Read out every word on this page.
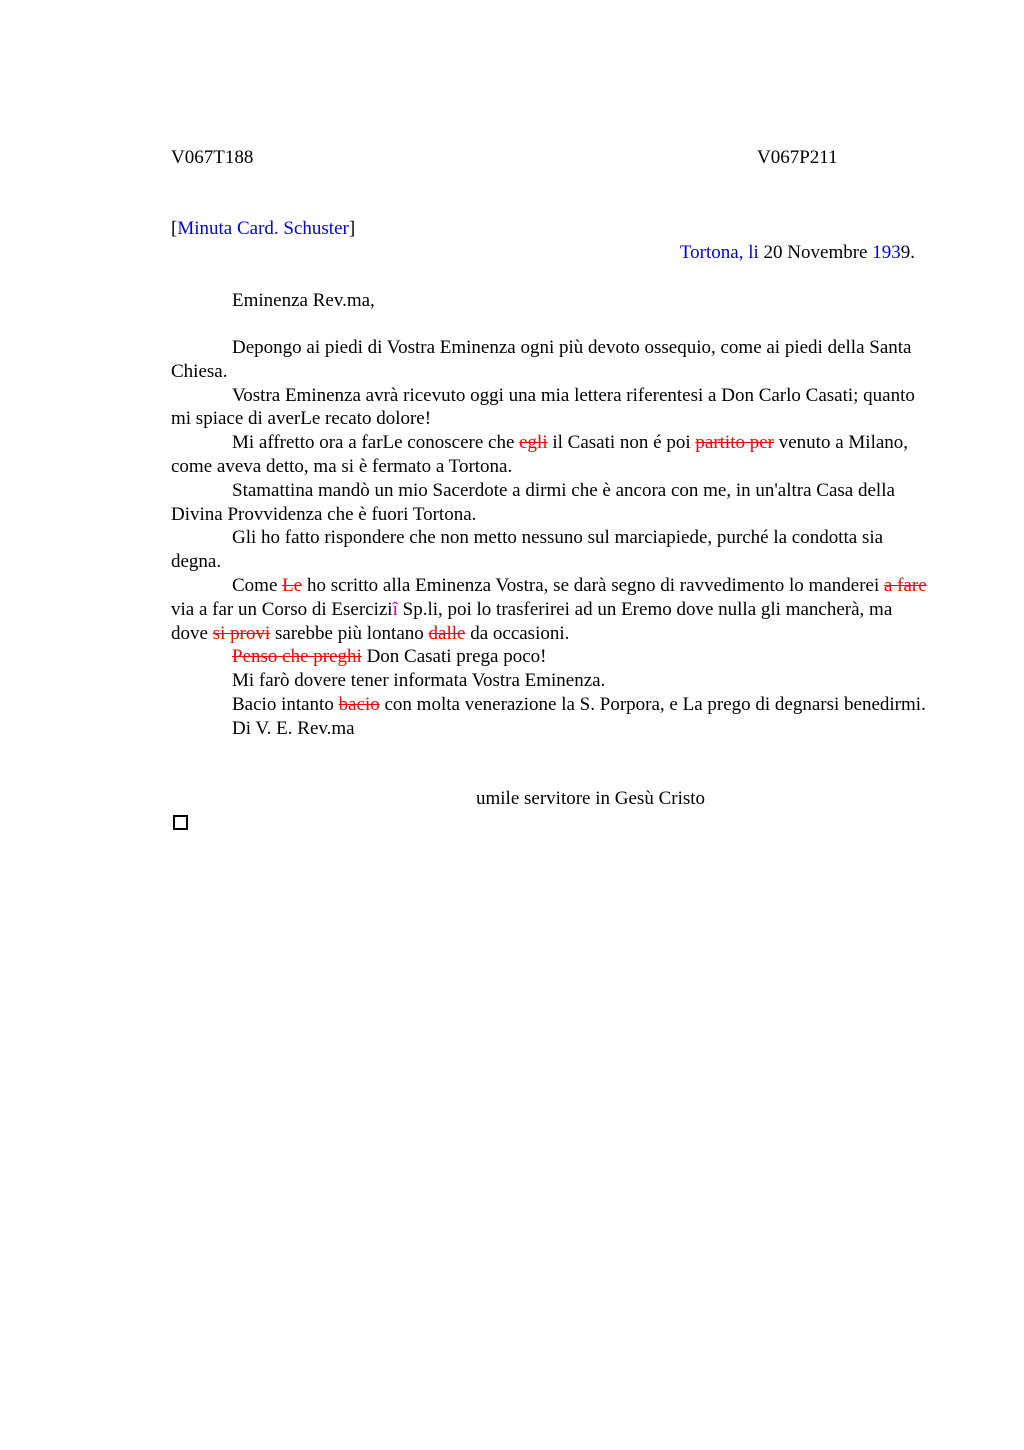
V067T188	V067P211
[Minuta Card. Schuster]
Tortona, li 20 Novembre 1939.
Eminenza Rev.ma,

Depongo ai piedi di Vostra Eminenza ogni più devoto ossequio, come ai piedi della Santa Chiesa.

Vostra Eminenza avrà ricevuto oggi una mia lettera riferentesi a Don Carlo Casati; quanto mi spiace di averLe recato dolore!

Mi affretto ora a farLe conoscere che egli il Casati non é poi partito per venuto a Milano, come aveva detto, ma si è fermato a Tortona.

Stamattina mandò un mio Sacerdote a dirmi che è ancora con me, in un'altra Casa della Divina Provvidenza che è fuori Tortona.

Gli ho fatto rispondere che non metto nessuno sul marciapiede, purché la condotta sia degna.

Come Le ho scritto alla Eminenza Vostra, se darà segno di ravvedimento lo manderei a fare via a far un Corso di Eserciziî Sp.li, poi lo trasferirei ad un Eremo dove nulla gli mancherà, ma dove si provi sarebbe più lontano dalle da occasioni.

Penso che preghi Don Casati prega poco!

Mi farò dovere tener informata Vostra Eminenza.

Bacio intanto bacio con molta venerazione la S. Porpora, e La prego di degnarsi benedirmi.

Di V. E. Rev.ma

umile servitore in Gesù Cristo
